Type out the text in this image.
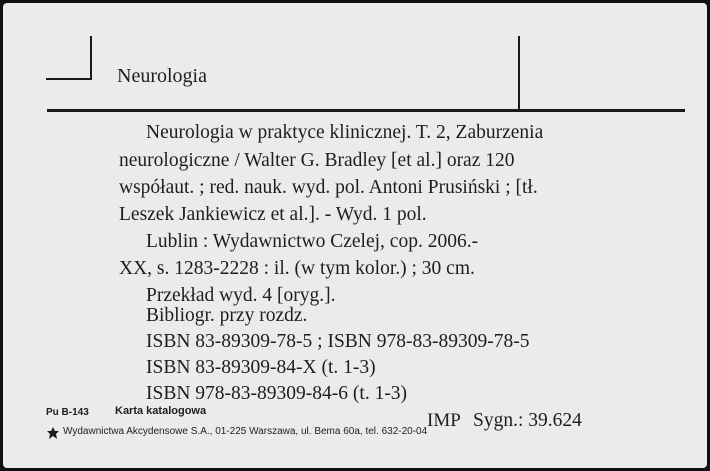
Neurologia
Neurologia w praktyce klinicznej. T. 2, Zaburzenia
neurologiczne / Walter G. Bradley [et al.] oraz 120
współaut. ; red. nauk. wyd. pol. Antoni Prusiński ; [tł.
Leszek Jankiewicz et al.]. - Wyd. 1 pol.
Lublin : Wydawnictwo Czelej, cop. 2006.-
XX, s. 1283-2228 : il. (w tym kolor.) ; 30 cm.
Przekład wyd. 4 [oryg.].
Bibliogr. przy rozdz.
ISBN 83-89309-78-5 ; ISBN 978-83-89309-78-5
ISBN 83-89309-84-X (t. 1-3)
ISBN 978-83-89309-84-6 (t. 1-3)
Pu B-143 Karta katalogowa
Wydawnictwa Akcydensowe S.A., 01-225 Warszawa, ul. Bema 60a, tel. 632-20-04
IMP Sygn.: 39.624
